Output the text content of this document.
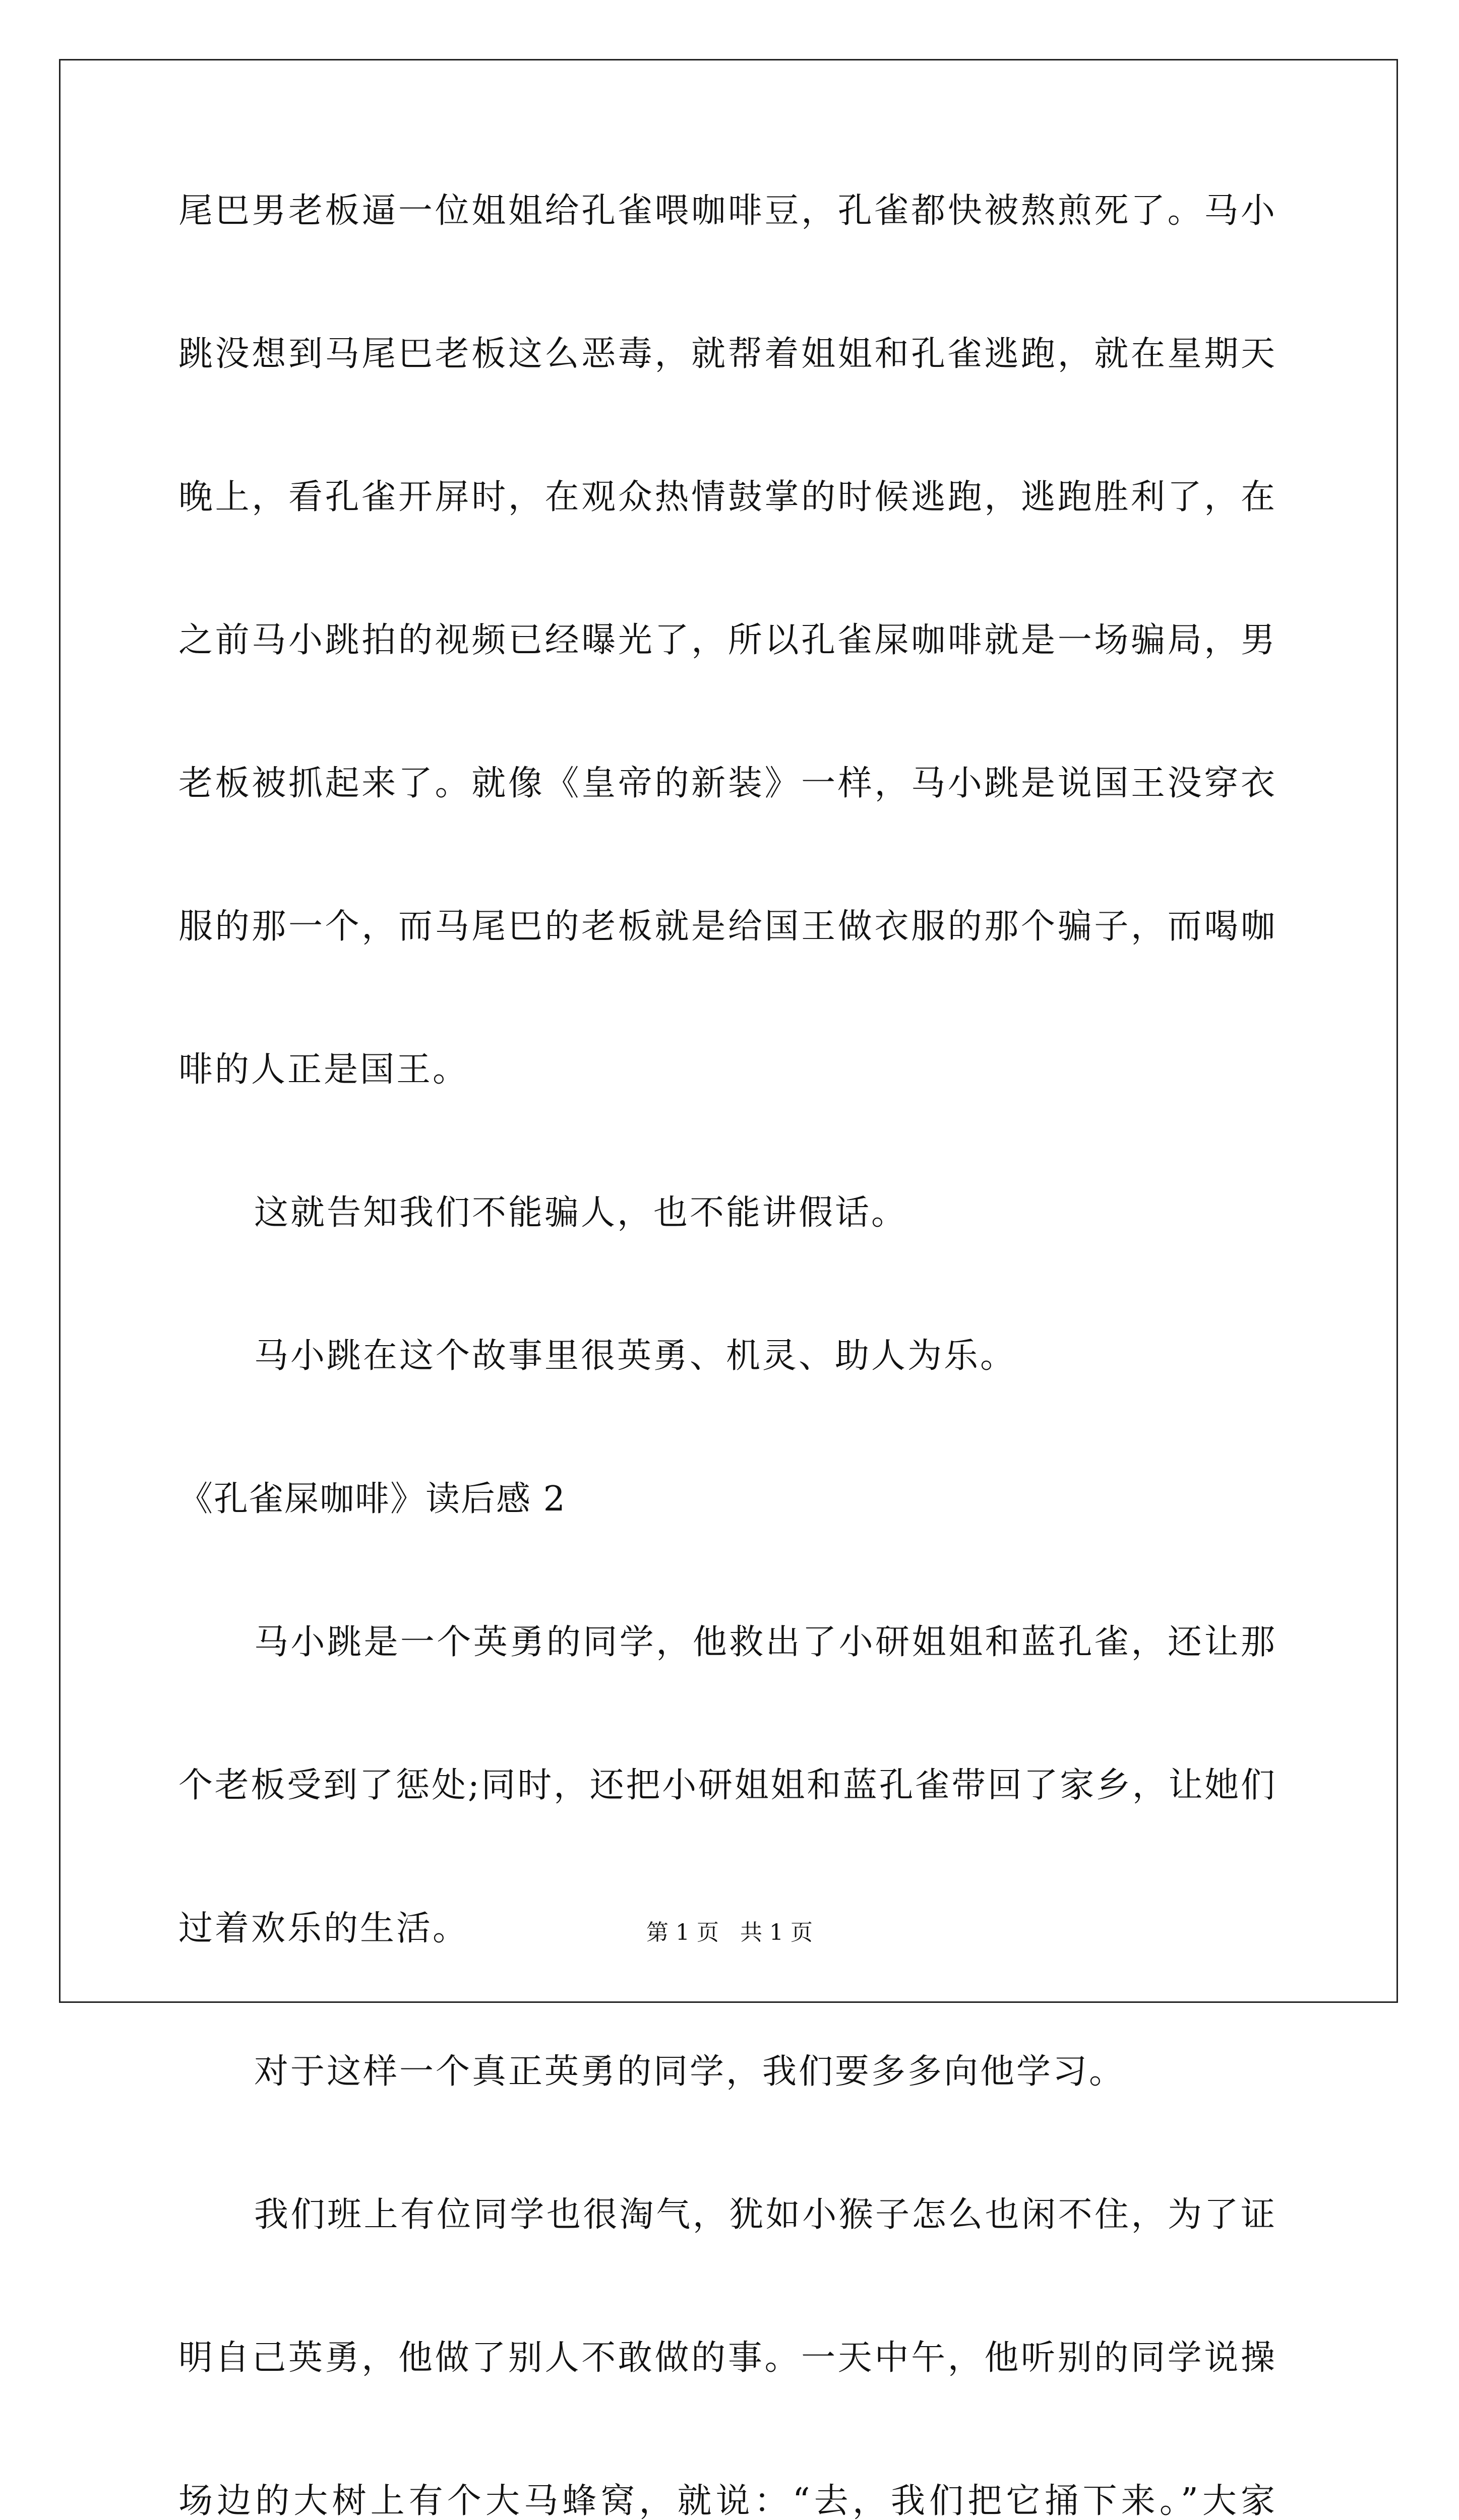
尾巴男老板逼一位姐姐给孔雀喂咖啡豆，孔雀都快被熬煎死了。马小
跳没想到马尾巴老板这么恶毒，就帮着姐姐和孔雀逃跑，就在星期天
晚上，看孔雀开屏时，在观众热情鼓掌的时候逃跑，逃跑胜利了，在
之前马小跳拍的视频已经曝光了，所以孔雀屎咖啡就是一场骗局，男
老板被抓起来了。就像《皇帝的新装》一样，马小跳是说国王没穿衣
服的那一个，而马尾巴的老板就是给国王做衣服的那个骗子，而喝咖
啡的人正是国王。
这就告知我们不能骗人，也不能讲假话。
马小跳在这个故事里很英勇、机灵、助人为乐。
《孔雀屎咖啡》读后感 2
马小跳是一个英勇的同学，他救出了小研姐姐和蓝孔雀，还让那
个老板受到了惩处;同时，还把小研姐姐和蓝孔雀带回了家乡，让她们
过着欢乐的生活。
对于这样一个真正英勇的同学，我们要多多向他学习。
我们班上有位同学也很淘气，犹如小猴子怎么也闲不住，为了证
明自己英勇，他做了别人不敢做的事。一天中午，他听别的同学说操
场边的大树上有个大马蜂窝，就说：“去，我们把它捅下来。”大家
第 1 页   共 1 页
